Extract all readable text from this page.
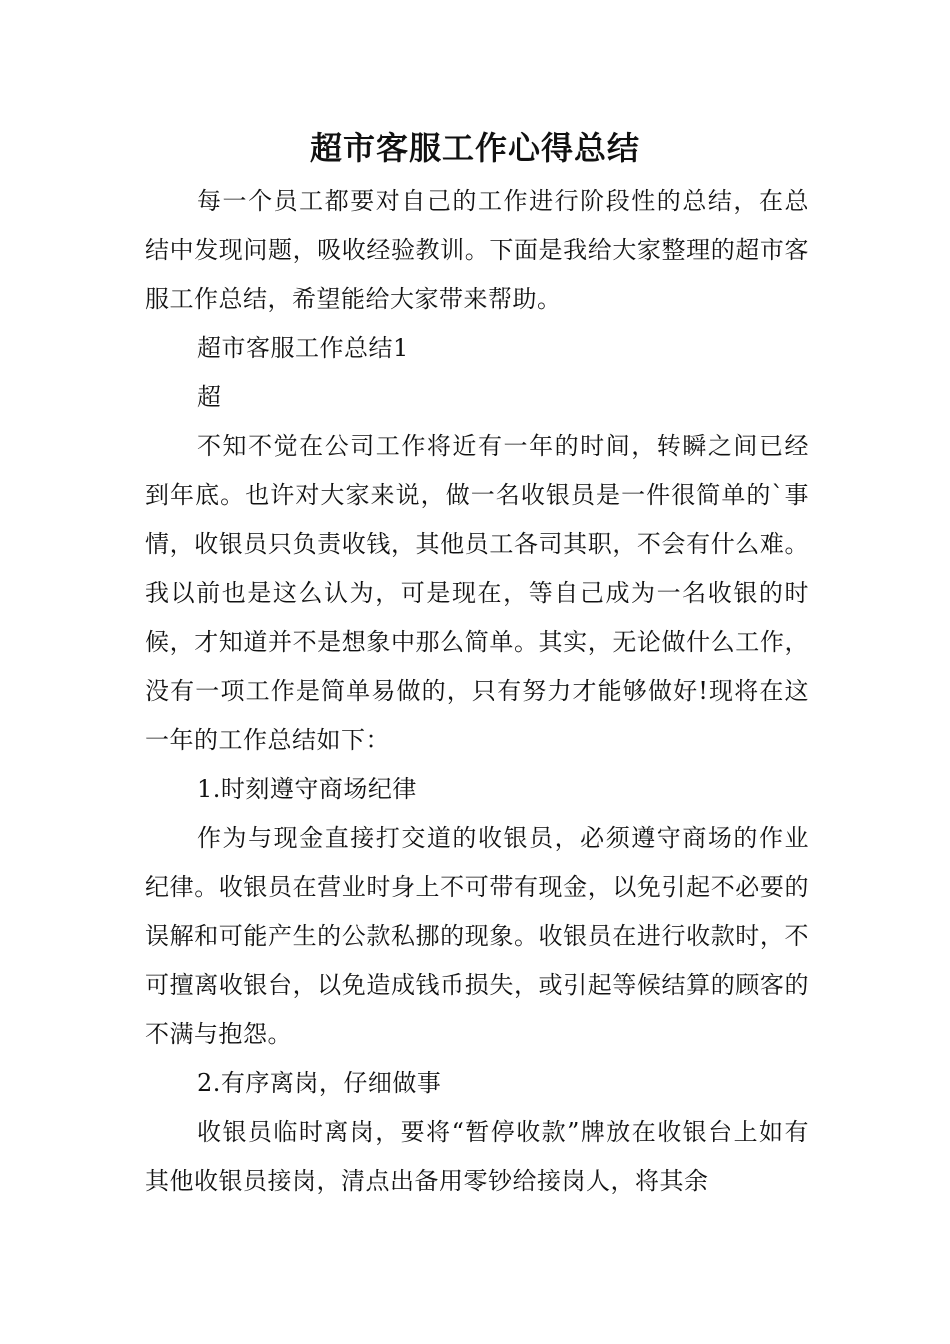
超市客服工作心得总结

每一个员工都要对自己的工作进行阶段性的总结，在总结中发现问题，吸收经验教训。下面是我给大家整理的超市客服工作总结，希望能给大家带来帮助。

超市客服工作总结1

超

不知不觉在公司工作将近有一年的时间，转瞬之间已经到年底。也许对大家来说，做一名收银员是一件很简单的`事情，收银员只负责收钱，其他员工各司其职，不会有什么难。我以前也是这么认为，可是现在，等自己成为一名收银的时候，才知道并不是想象中那么简单。其实，无论做什么工作，没有一项工作是简单易做的，只有努力才能够做好!现将在这一年的工作总结如下：

1.时刻遵守商场纪律

作为与现金直接打交道的收银员，必须遵守商场的作业纪律。收银员在营业时身上不可带有现金，以免引起不必要的误解和可能产生的公款私挪的现象。收银员在进行收款时，不可擅离收银台，以免造成钱币损失，或引起等候结算的顾客的不满与抱怨。

2.有序离岗，仔细做事

收银员临时离岗，要将“暂停收款”牌放在收银台上如有其他收银员接岗，清点出备用零钞给接岗人，将其余
